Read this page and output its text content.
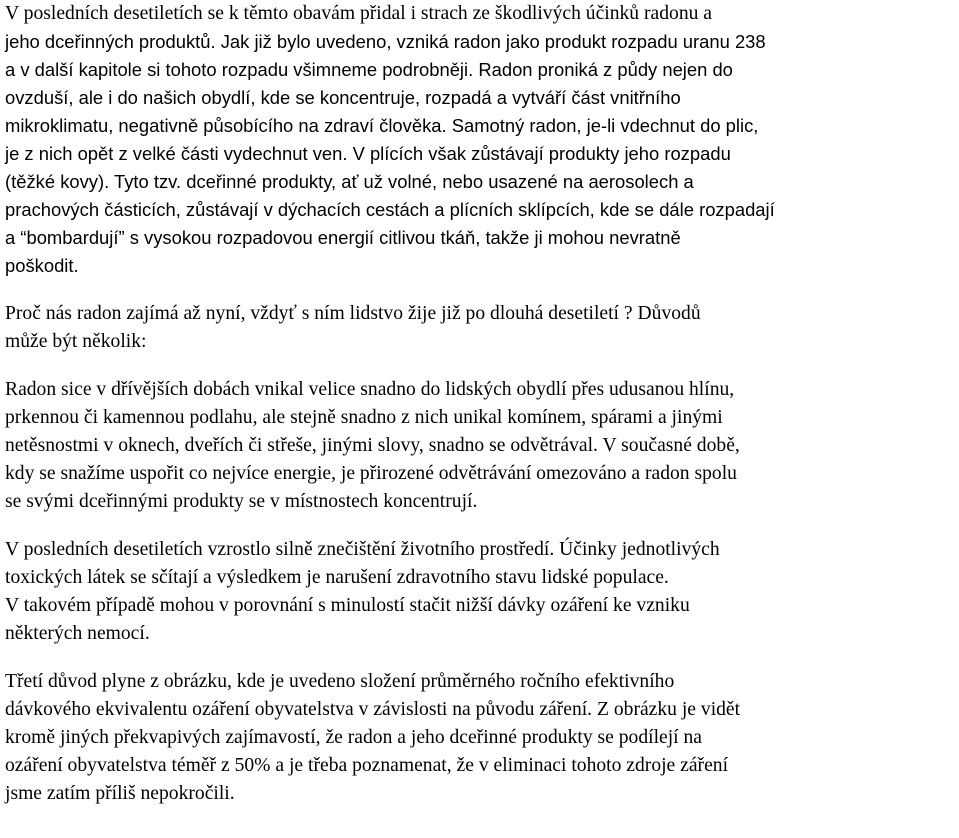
V posledních desetiletích se k těmto obavám přidal i strach ze škodlivých účinků radonu a
jeho dceřinných produktů. Jak již bylo uvedeno, vzniká radon jako produkt rozpadu uranu 238
a v další kapitole si tohoto rozpadu všimneme podrobněji. Radon proniká z půdy nejen do
ovzduší, ale i do našich obydlí, kde se koncentruje, rozpadá a vytváří část vnitřního
mikroklimatu, negativně působícího na zdraví člověka. Samotný radon, je-li vdechnut do plic,
je z nich opět z velké části vydechnut ven. V plících však zůstávají produkty jeho rozpadu
(těžké kovy). Tyto tzv. dceřinné produkty, ať už volné, nebo usazené na aerosolech a
prachových částicích, zůstávají v dýchacích cestách a plícních sklípcích, kde se dále rozpadají
a “bombardují” s vysokou rozpadovou energií citlivou tkáň, takže ji mohou nevratně
poškodit.
Proč nás radon zajímá až nyní, vždyť s ním lidstvo žije již po dlouhá desetiletí ? Důvodů
může být několik:
Radon sice v dřívějších dobách vnikal velice snadno do lidských obydlí přes udusanou hlínu,
prkennou či kamennou podlahu, ale stejně snadno z nich unikal komínem, spárami a jinými
netěsnostmi v oknech, dveřích či střeše, jinými slovy, snadno se odvětrával. V současné době,
kdy se snažíme uspořit co nejvíce energie, je přirozené odvětrávání omezováno a radon spolu
se svými dceřinnými produkty se v místnostech koncentrují.
V posledních desetiletích vzrostlo silně znečištění životního prostředí. Účinky jednotlivých
toxických látek se sčítají a výsledkem je narušení zdravotního stavu lidské populace.
V takovém případě mohou v porovnání s minulostí stačit nižší dávky ozáření ke vzniku
některých nemocí.
Třetí důvod plyne z obrázku, kde je uvedeno složení průměrného ročního efektivního
dávkového ekvivalentu ozáření obyvatelstva v závislosti na původu záření. Z obrázku je vidět
kromě jiných překvapivých zajímavostí, že radon a jeho dceřinné produkty se podílejí na
ozáření obyvatelstva téměř z 50% a je třeba poznamenat, že v eliminaci tohoto zdroje záření
jsme zatím příliš nepokročili.
